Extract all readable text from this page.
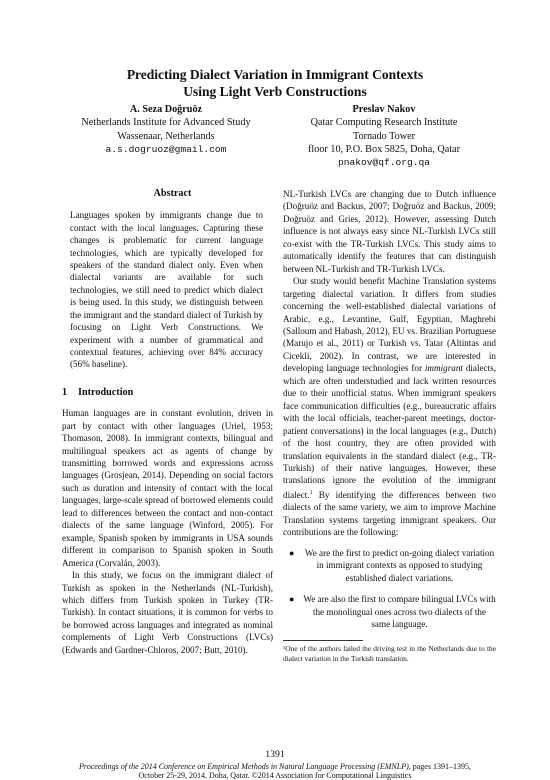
Predicting Dialect Variation in Immigrant Contexts
Using Light Verb Constructions
A. Seza Doğruöz
Netherlands Institute for Advanced Study
Wassenaar, Netherlands
a.s.dogruoz@gmail.com
Preslav Nakov
Qatar Computing Research Institute
Tornado Tower
floor 10, P.O. Box 5825, Doha, Qatar
pnakov@qf.org.qa
Abstract

Languages spoken by immigrants change due to contact with the local languages. Capturing these changes is problematic for current language technologies, which are typically developed for speakers of the standard dialect only. Even when dialectal variants are available for such technologies, we still need to predict which dialect is being used. In this study, we distinguish between the immigrant and the standard dialect of Turkish by focusing on Light Verb Constructions. We experiment with a number of grammatical and contextual features, achieving over 84% accuracy (56% baseline).

1 Introduction

Human languages are in constant evolution, driven in part by contact with other languages (Uriel, 1953; Thomason, 2008). In immigrant contexts, bilingual and multilingual speakers act as agents of change by transmitting borrowed words and expressions across languages (Grosjean, 2014). Depending on social factors such as duration and intensity of contact with the local languages, large-scale spread of borrowed elements could lead to differences between the contact and non-contact dialects of the same language (Winford, 2005). For example, Spanish spoken by immigrants in USA sounds different in comparison to Spanish spoken in South America (Corvalán, 2003).

In this study, we focus on the immigrant dialect of Turkish as spoken in the Netherlands (NL-Turkish), which differs from Turkish spoken in Turkey (TR-Turkish). In contact situations, it is common for verbs to be borrowed across languages and integrated as nominal complements of Light Verb Constructions (LVCs) (Edwards and Gardner-Chloros, 2007; Butt, 2010).

NL-Turkish LVCs are changing due to Dutch influence (Doğruöz and Backus, 2007; Doğruöz and Backus, 2009; Doğruöz and Gries, 2012). However, assessing Dutch influence is not always easy since NL-Turkish LVCs still co-exist with the TR-Turkish LVCs. This study aims to automatically identify the features that can distinguish between NL-Turkish and TR-Turkish LVCs.

Our study would benefit Machine Translation systems targeting dialectal variation. It differs from studies concerning the well-established dialectal variations of Arabic, e.g., Levantine, Gulf, Egyptian, Maghrebi (Salloum and Habash, 2012), EU vs. Brazilian Portuguese (Marujo et al., 2011) or Turkish vs. Tatar (Altintas and Cicekli, 2002). In contrast, we are interested in developing language technologies for immigrant dialects, which are often understudied and lack written resources due to their unofficial status. When immigrant speakers face communication difficulties (e.g., bureaucratic affairs with the local officials, teacher-parent meetings, doctor-patient conversations) in the local languages (e.g., Dutch) of the host country, they are often provided with translation equivalents in the standard dialect (e.g., TR-Turkish) of their native languages. However, these translations ignore the evolution of the immigrant dialect.$^1$ By identifying the differences between two dialects of the same variety, we aim to improve Machine Translation systems targeting immigrant speakers. Our contributions are the following:

● We are the first to predict on-going dialect variation in immigrant contexts as opposed to studying established dialect variations.
● We are also the first to compare bilingual LVCs with the monolingual ones across two dialects of the same language.
¹One of the authors failed the driving test in the Netherlands due to the dialect variation in the Turkish translation.
1391
Proceedings of the 2014 Conference on Empirical Methods in Natural Language Processing (EMNLP), pages 1391–1395,
October 25-29, 2014, Doha, Qatar. ©2014 Association for Computational Linguistics
